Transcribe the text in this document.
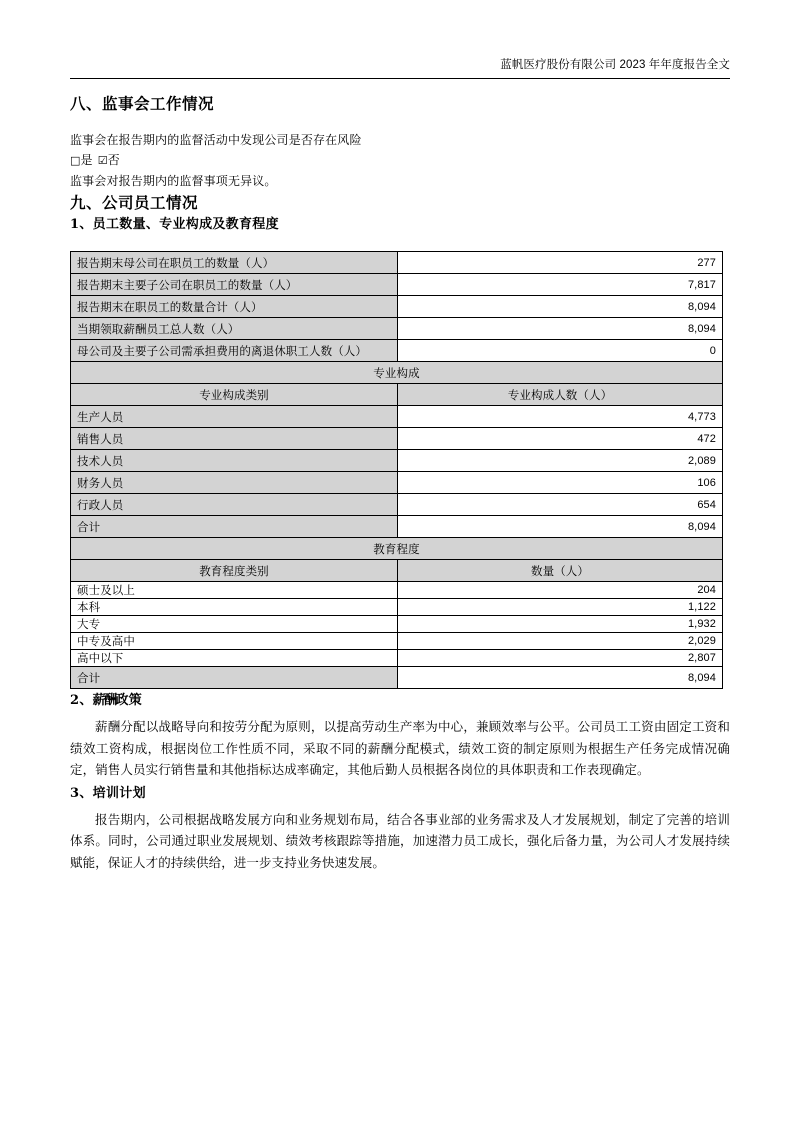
蓝帆医疗股份有限公司 2023 年年度报告全文
八、监事会工作情况

监事会在报告期内的监督活动中发现公司是否存在风险

□是 ☑否

监事会对报告期内的监督事项无异议。

九、公司员工情况
1、员工数量、专业构成及教育程度
报告期末母公司在职员工的数量（人）	277
报告期末主要子公司在职员工的数量（人）	7,817
报告期末在职员工的数量合计（人）	8,094
当期领取薪酬员工总人数（人）	8,094
母公司及主要子公司需承担费用的离退休职工人数（人）	0
专业构成	
专业构成类别	专业构成人数（人）
生产人员	4,773
销售人员	472
技术人员	2,089
财务人员	106
行政人员	654
合计	8,094
教育程度	
教育程度类别	数量（人）
硕士及以上	204
本科	1,122
大专	1,932
中专及高中	2,029
高中以下	2,807
合计	8,094
2、薪酬政策

薪酬分配以战略导向和按劳分配为原则，以提高劳动生产率为中心，兼顾效率与公平。公司员工工资由固定工资和绩效工资构成，根据岗位工作性质不同，采取不同的薪酬分配模式，绩效工资的制定原则为根据生产任务完成情况确定，销售人员实行销售量和其他指标达成率确定，其他后勤人员根据各岗位的具体职责和工作表现确定。

3、培训计划

报告期内，公司根据战略发展方向和业务规划布局，结合各事业部的业务需求及人才发展规划，制定了完善的培训体系。同时，公司通过职业发展规划、绩效考核跟踪等措施，加速潜力员工成长，强化后备力量，为公司人才发展持续赋能，保证人才的持续供给，进一步支持业务快速发展。
